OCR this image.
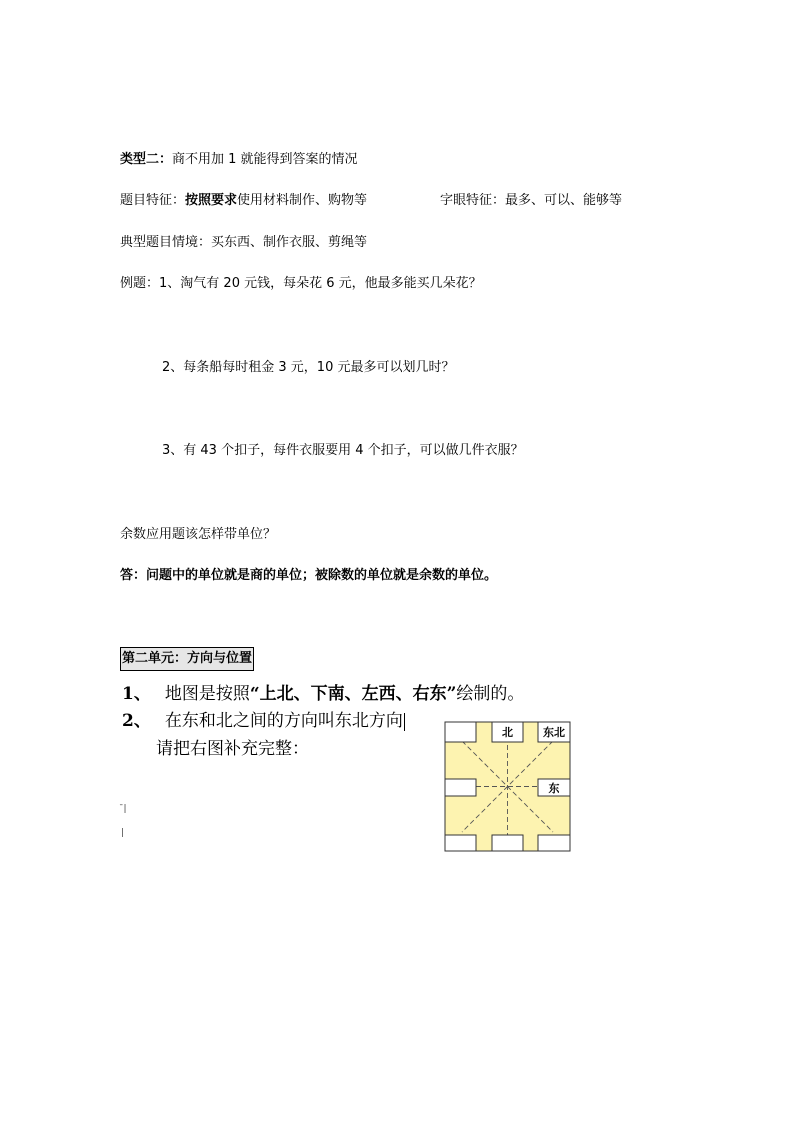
类型二：商不用加 1 就能得到答案的情况
题目特征：按照要求使用材料制作、购物等	字眼特征：最多、可以、能够等
典型题目情境：买东西、制作衣服、剪绳等
例题：1、淘气有 20 元钱，每朵花 6 元，他最多能买几朵花？
2、每条船每时租金 3 元，10 元最多可以划几时？
3、有 43 个扣子，每件衣服要用 4 个扣子，可以做几件衣服？
余数应用题该怎样带单位？
答：问题中的单位就是商的单位；被除数的单位就是余数的单位。
第二单元：方向与位置
1、 地图是按照“上北、下南、左西、右东”绘制的。
2、 在东和北之间的方向叫东北方向
请把右图补充完整：
ˉ|
|
北	东北
东
